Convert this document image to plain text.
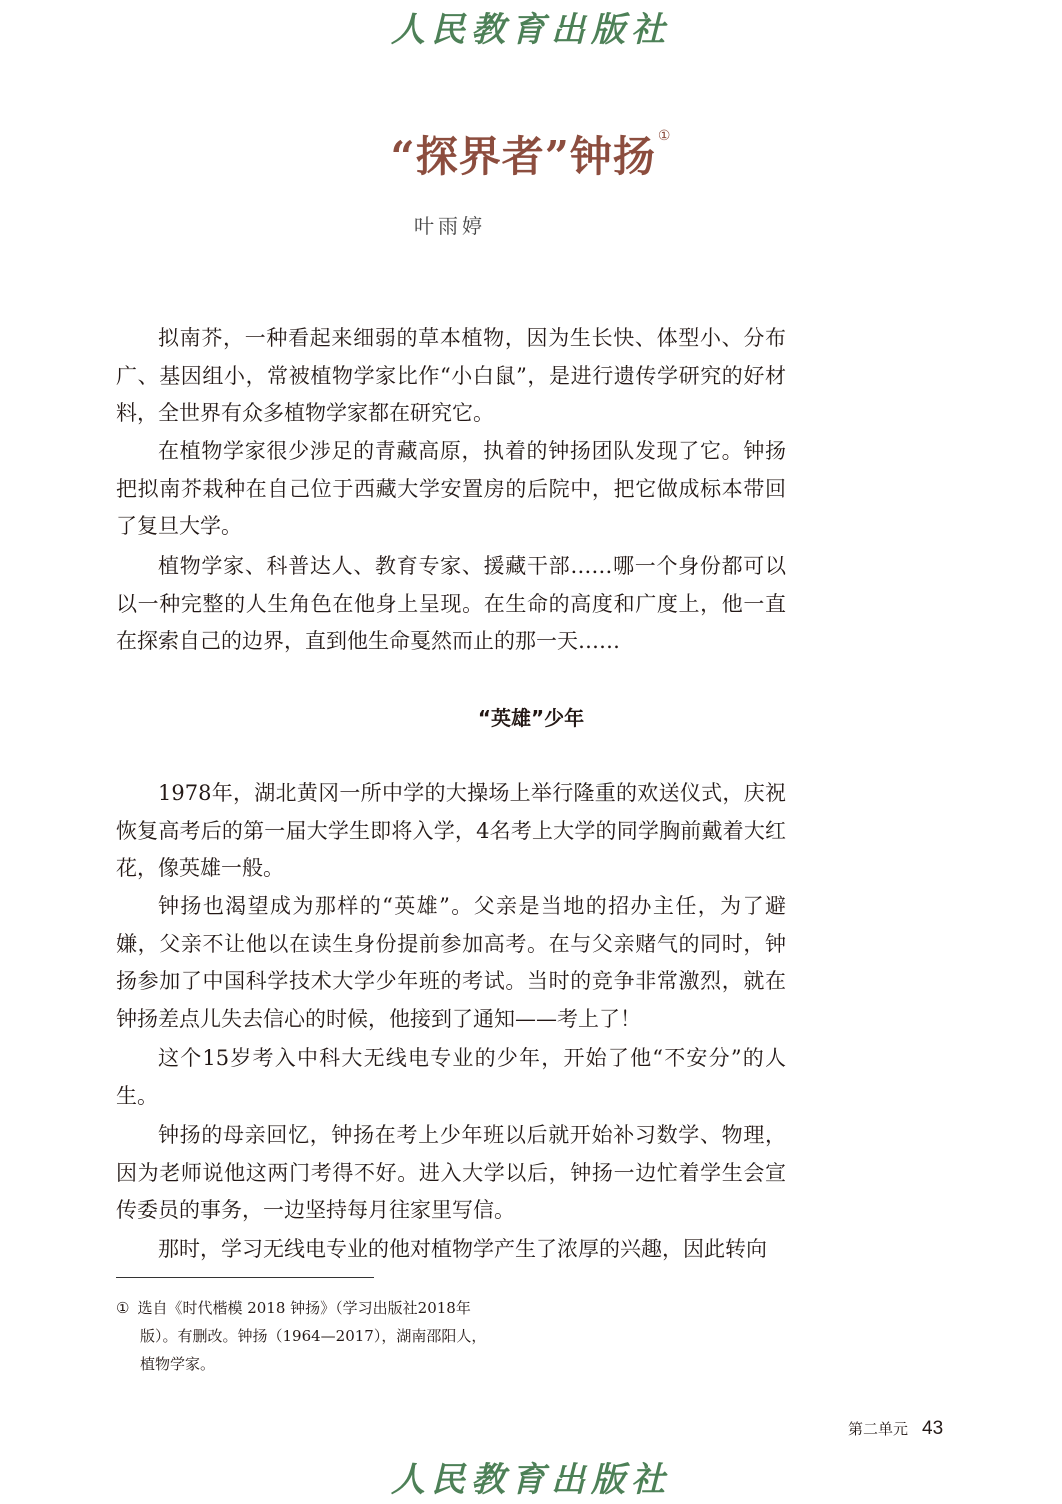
人民教育出版社
“探界者”钟扬 ①
叶雨婷

拟南芥，一种看起来细弱的草本植物，因为生长快、体型小、分布广、基因组小，常被植物学家比作“小白鼠”，是进行遗传学研究的好材料，全世界有众多植物学家都在研究它。

在植物学家很少涉足的青藏高原，执着的钟扬团队发现了它。钟扬把拟南芥栽种在自己位于西藏大学安置房的后院中，把它做成标本带回了复旦大学。

植物学家、科普达人、教育专家、援藏干部……哪一个身份都可以以一种完整的人生角色在他身上呈现。在生命的高度和广度上，他一直在探索自己的边界，直到他生命戛然而止的那一天……

“英雄”少年

1978年，湖北黄冈一所中学的大操场上举行隆重的欢送仪式，庆祝恢复高考后的第一届大学生即将入学，4名考上大学的同学胸前戴着大红花，像英雄一般。

钟扬也渴望成为那样的“英雄”。父亲是当地的招办主任，为了避嫌，父亲不让他以在读生身份提前参加高考。在与父亲赌气的同时，钟扬参加了中国科学技术大学少年班的考试。当时的竞争非常激烈，就在钟扬差点儿失去信心的时候，他接到了通知——考上了！

这个15岁考入中科大无线电专业的少年，开始了他“不安分”的人生。

钟扬的母亲回忆，钟扬在考上少年班以后就开始补习数学、物理，因为老师说他这两门考得不好。进入大学以后，钟扬一边忙着学生会宣传委员的事务，一边坚持每月往家里写信。

那时，学习无线电专业的他对植物学产生了浓厚的兴趣，因此转向

① 选自《时代楷模 2018 钟扬》（学习出版社2018年
版）。有删改。钟扬（1964—2017），湖南邵阳人，
植物学家。
第二单元 43
人民教育出版社
